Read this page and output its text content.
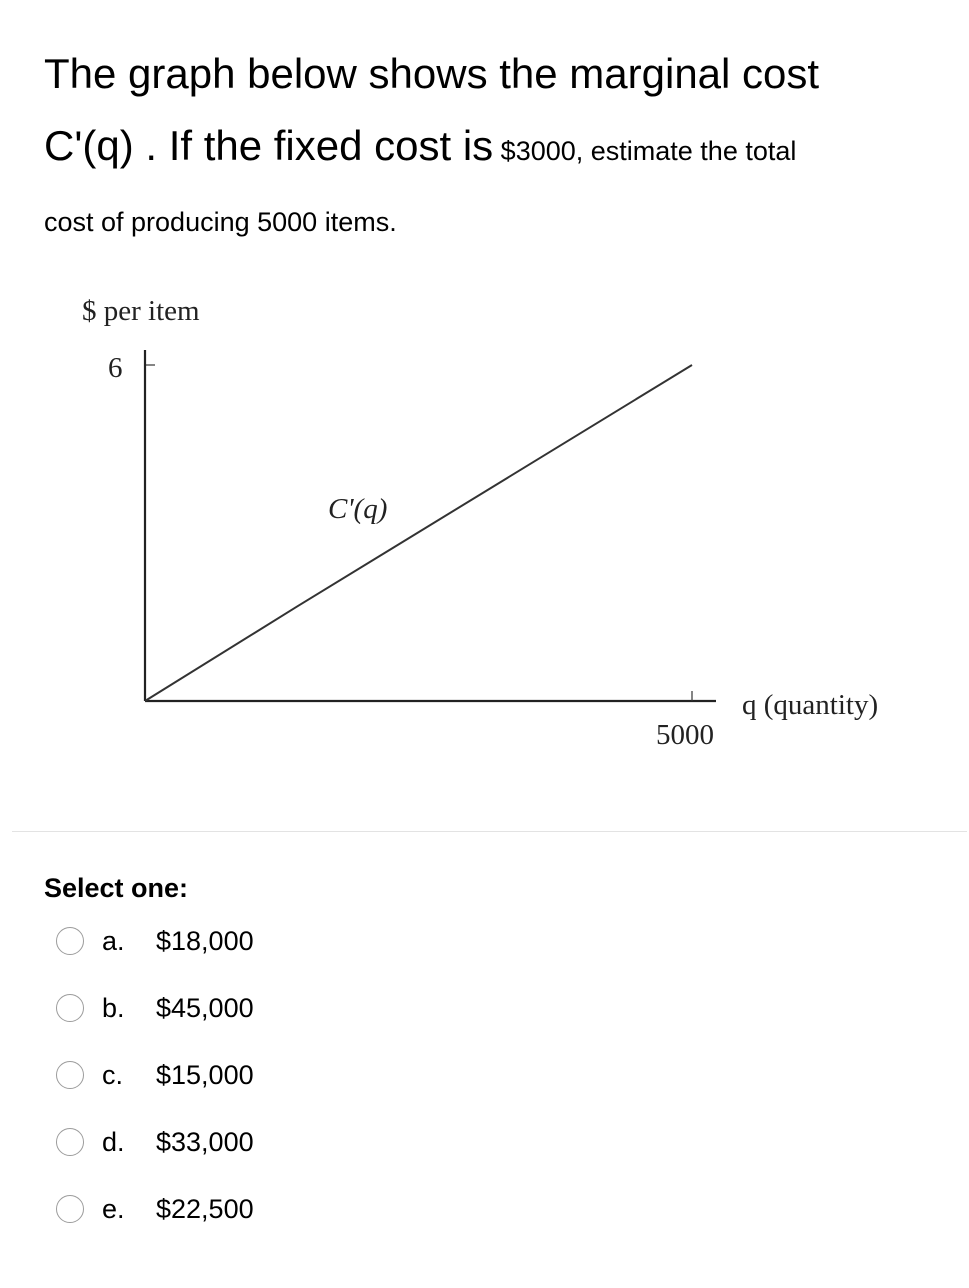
The graph below shows the marginal cost
C'(q) . If the fixed cost is $3000, estimate the total
cost of producing 5000 items.
$ per item
6
5000
q (quantity)
C'(q)
Select one:
a.	$18,000
b.	$45,000
c.	$15,000
d.	$33,000
e.	$22,500
